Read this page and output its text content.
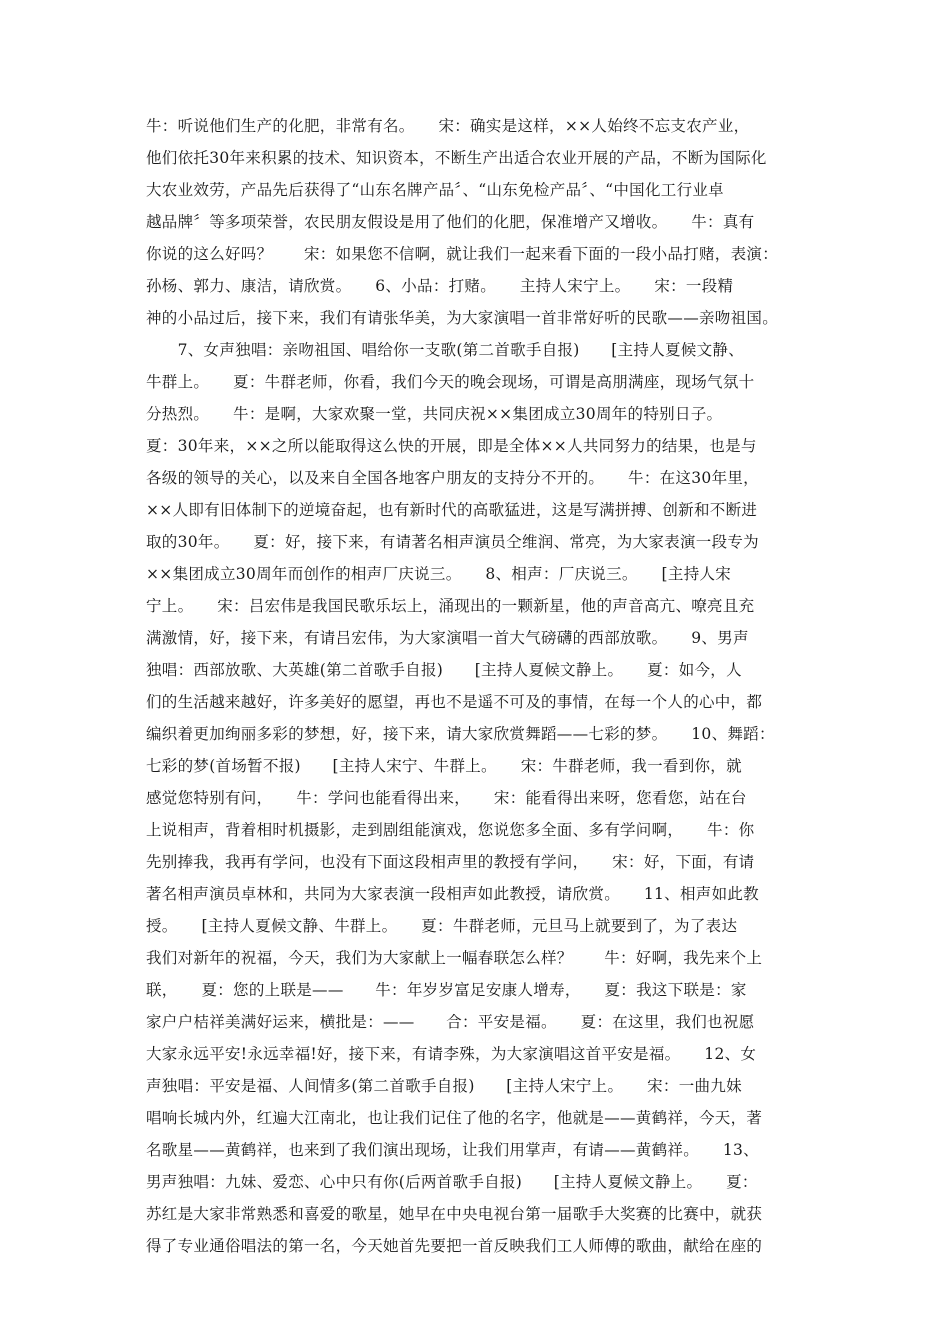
牛：听说他们生产的化肥，非常有名。　　宋：确实是这样，××人始终不忘支农产业，
他们依托30年来积累的技术、知识资本，不断生产出适合农业开展的产品，不断为国际化
大农业效劳，产品先后获得了“山东名牌产品〞、“山东免检产品〞、“中国化工行业卓
越品牌〞等多项荣誉，农民朋友假设是用了他们的化肥，保准增产又增收。　　牛：真有
你说的这么好吗？　　宋：如果您不信啊，就让我们一起来看下面的一段小品打赌，表演：
孙杨、郭力、康洁，请欣赏。　　6、小品：打赌。　　主持人宋宁上。　　宋：一段精
神的小品过后，接下来，我们有请张华美，为大家演唱一首非常好听的民歌——亲吻祖国。
　　7、女声独唱：亲吻祖国、唱给你一支歌(第二首歌手自报)　　[主持人夏候文静、
牛群上。　　夏：牛群老师，你看，我们今天的晚会现场，可谓是高朋满座，现场气氛十
分热烈。　　牛：是啊，大家欢聚一堂，共同庆祝××集团成立30周年的特别日子。　　
夏：30年来，××之所以能取得这么快的开展，即是全体××人共同努力的结果，也是与
各级的领导的关心，以及来自全国各地客户朋友的支持分不开的。　　牛：在这30年里，
××人即有旧体制下的逆境奋起，也有新时代的高歌猛进，这是写满拼搏、创新和不断进
取的30年。　　夏：好，接下来，有请著名相声演员仝维润、常亮，为大家表演一段专为
××集团成立30周年而创作的相声厂庆说三。　　8、相声：厂庆说三。　　[主持人宋
宁上。　　宋：吕宏伟是我国民歌乐坛上，涌现出的一颗新星，他的声音高亢、嘹亮且充
满激情，好，接下来，有请吕宏伟，为大家演唱一首大气磅礴的西部放歌。　　9、男声
独唱：西部放歌、大英雄(第二首歌手自报)　　[主持人夏候文静上。　　夏：如今，人
们的生活越来越好，许多美好的愿望，再也不是遥不可及的事情，在每一个人的心中，都
编织着更加绚丽多彩的梦想，好，接下来，请大家欣赏舞蹈——七彩的梦。　　10、舞蹈：
七彩的梦(首场暂不报)　　[主持人宋宁、牛群上。　　宋：牛群老师，我一看到你，就
感觉您特别有问，　　牛：学问也能看得出来，　　宋：能看得出来呀，您看您，站在台
上说相声，背着相时机摄影，走到剧组能演戏，您说您多全面、多有学问啊，　　牛：你
先别捧我，我再有学问，也没有下面这段相声里的教授有学问，　　宋：好，下面，有请
著名相声演员卓林和，共同为大家表演一段相声如此教授，请欣赏。　　11、相声如此教
授。　　[主持人夏候文静、牛群上。　　夏：牛群老师，元旦马上就要到了，为了表达
我们对新年的祝福，今天，我们为大家献上一幅春联怎么样？　　牛：好啊，我先来个上
联，　　夏：您的上联是——　　牛：年岁岁富足安康人增寿，　　夏：我这下联是：家
家户户桔祥美满好运来，横批是：——　　合：平安是福。　　夏：在这里，我们也祝愿
大家永远平安!永远幸福!好，接下来，有请李殊，为大家演唱这首平安是福。　　12、女
声独唱：平安是福、人间情多(第二首歌手自报)　　[主持人宋宁上。　　宋：一曲九妹
唱响长城内外，红遍大江南北，也让我们记住了他的名字，他就是——黄鹤祥，今天，著
名歌星——黄鹤祥，也来到了我们演出现场，让我们用掌声，有请——黄鹤祥。　　13、
男声独唱：九妹、爱恋、心中只有你(后两首歌手自报)　　[主持人夏候文静上。　　夏：
苏红是大家非常熟悉和喜爱的歌星，她早在中央电视台第一届歌手大奖赛的比赛中，就获
得了专业通俗唱法的第一名，今天她首先要把一首反映我们工人师傅的歌曲，献给在座的
